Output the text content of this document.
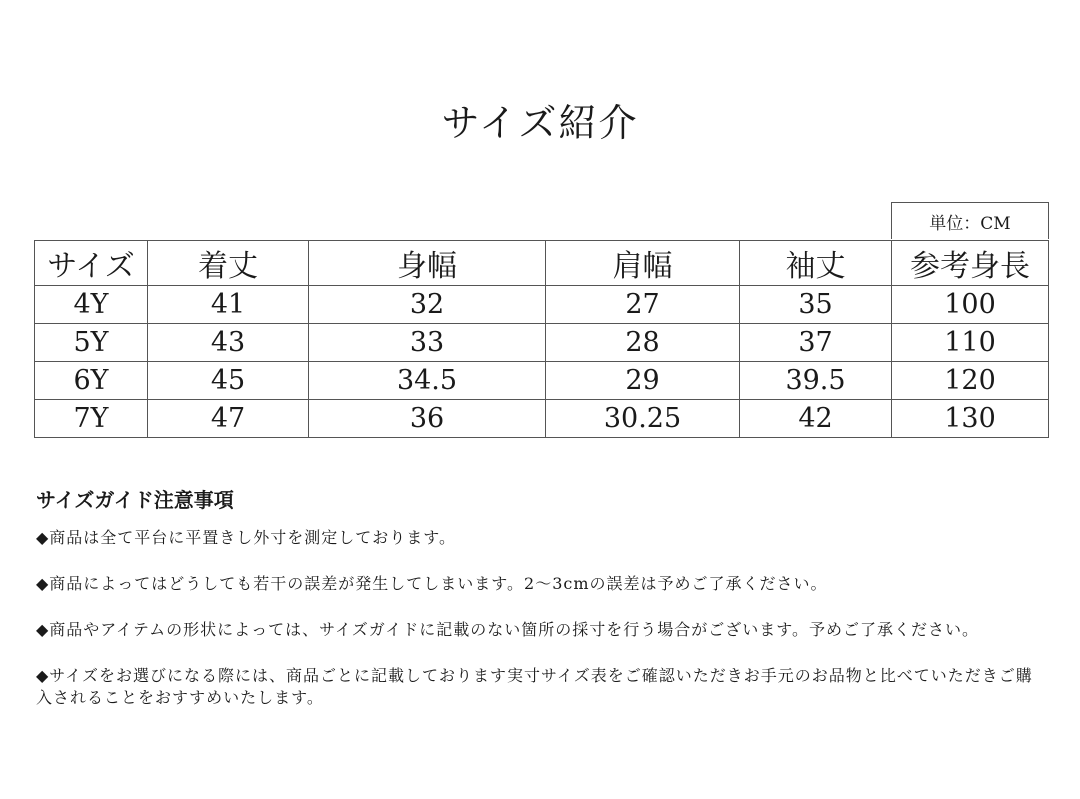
サイズ紹介
単位：CM
サイズ	着丈	身幅	肩幅	袖丈	参考身長
4Y	41	32	27	35	100
5Y	43	33	28	37	110
6Y	45	34.5	29	39.5	120
7Y	47	36	30.25	42	130
サイズガイド注意事項

◆商品は全て平台に平置きし外寸を測定しております。

◆商品によってはどうしても若干の誤差が発生してしまいます。2～3cmの誤差は予めご了承ください。

◆商品やアイテムの形状によっては、サイズガイドに記載のない箇所の採寸を行う場合がございます。予めご了承ください。

◆サイズをお選びになる際には、商品ごとに記載しております実寸サイズ表をご確認いただきお手元のお品物と比べていただきご購入されることをおすすめいたします。
